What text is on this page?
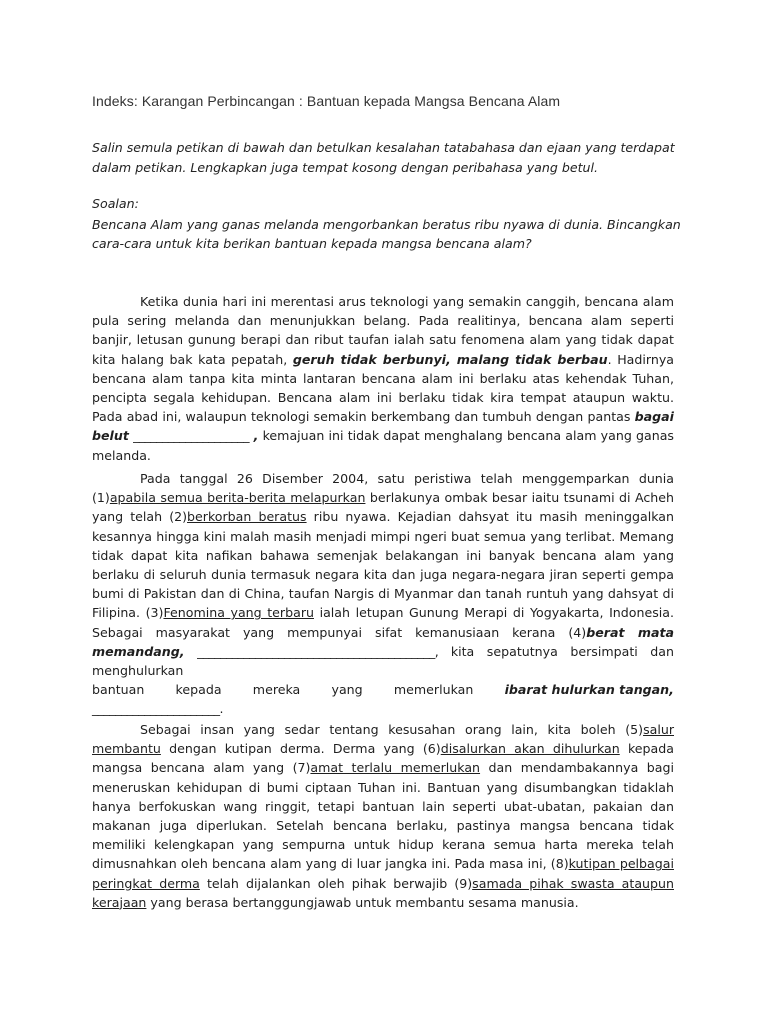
Indeks: Karangan Perbincangan : Bantuan kepada Mangsa Bencana Alam
Salin semula petikan di bawah dan betulkan kesalahan tatabahasa dan ejaan yang terdapat dalam petikan. Lengkapkan juga tempat kosong dengan peribahasa yang betul.
Soalan:
Bencana Alam yang ganas melanda mengorbankan beratus ribu nyawa di dunia. Bincangkan cara-cara untuk kita berikan bantuan kepada mangsa bencana alam?
Ketika dunia hari ini merentasi arus teknologi yang semakin canggih, bencana alam pula sering melanda dan menunjukkan belang. Pada realitinya, bencana alam seperti banjir, letusan gunung berapi dan ribut taufan ialah satu fenomena alam yang tidak dapat kita halang bak kata pepatah, geruh tidak berbunyi, malang tidak berbau. Hadirnya bencana alam tanpa kita minta lantaran bencana alam ini berlaku atas kehendak Tuhan, pencipta segala kehidupan. Bencana alam ini berlaku tidak kira tempat ataupun waktu. Pada abad ini, walaupun teknologi semakin berkembang dan tumbuh dengan pantas bagai belut ____________________ , kemajuan ini tidak dapat menghalang bencana alam yang ganas melanda.
Pada tanggal 26 Disember 2004, satu peristiwa telah menggemparkan dunia (1)apabila semua berita-berita melapurkan berlakunya ombak besar iaitu tsunami di Acheh yang telah (2)berkorban beratus ribu nyawa. Kejadian dahsyat itu masih meninggalkan kesannya hingga kini malah masih menjadi mimpi ngeri buat semua yang terlibat. Memang tidak dapat kita nafikan bahawa semenjak belakangan ini banyak bencana alam yang berlaku di seluruh dunia termasuk negara kita dan juga negara-negara jiran seperti gempa bumi di Pakistan dan di China, taufan Nargis di Myanmar dan tanah runtuh yang dahsyat di Filipina. (3)Fenomina yang terbaru ialah letupan Gunung Merapi di Yogyakarta, Indonesia. Sebagai masyarakat yang mempunyai sifat kemanusiaan kerana (4)berat mata memandang, _________________________________________, kita sepatutnya bersimpati dan menghulurkan
bantuan kepada mereka yang memerlukan ibarat hulurkan tangan,
______________________.
Sebagai insan yang sedar tentang kesusahan orang lain, kita boleh (5)salur membantu dengan kutipan derma. Derma yang (6)disalurkan akan dihulurkan kepada mangsa bencana alam yang (7)amat terlalu memerlukan dan mendambakannya bagi meneruskan kehidupan di bumi ciptaan Tuhan ini. Bantuan yang disumbangkan tidaklah hanya berfokuskan wang ringgit, tetapi bantuan lain seperti ubat-ubatan, pakaian dan makanan juga diperlukan. Setelah bencana berlaku, pastinya mangsa bencana tidak memiliki kelengkapan yang sempurna untuk hidup kerana semua harta mereka telah dimusnahkan oleh bencana alam yang di luar jangka ini. Pada masa ini, (8)kutipan pelbagai peringkat derma telah dijalankan oleh pihak berwajib (9)samada pihak swasta ataupun kerajaan yang berasa bertanggungjawab untuk membantu sesama manusia.
